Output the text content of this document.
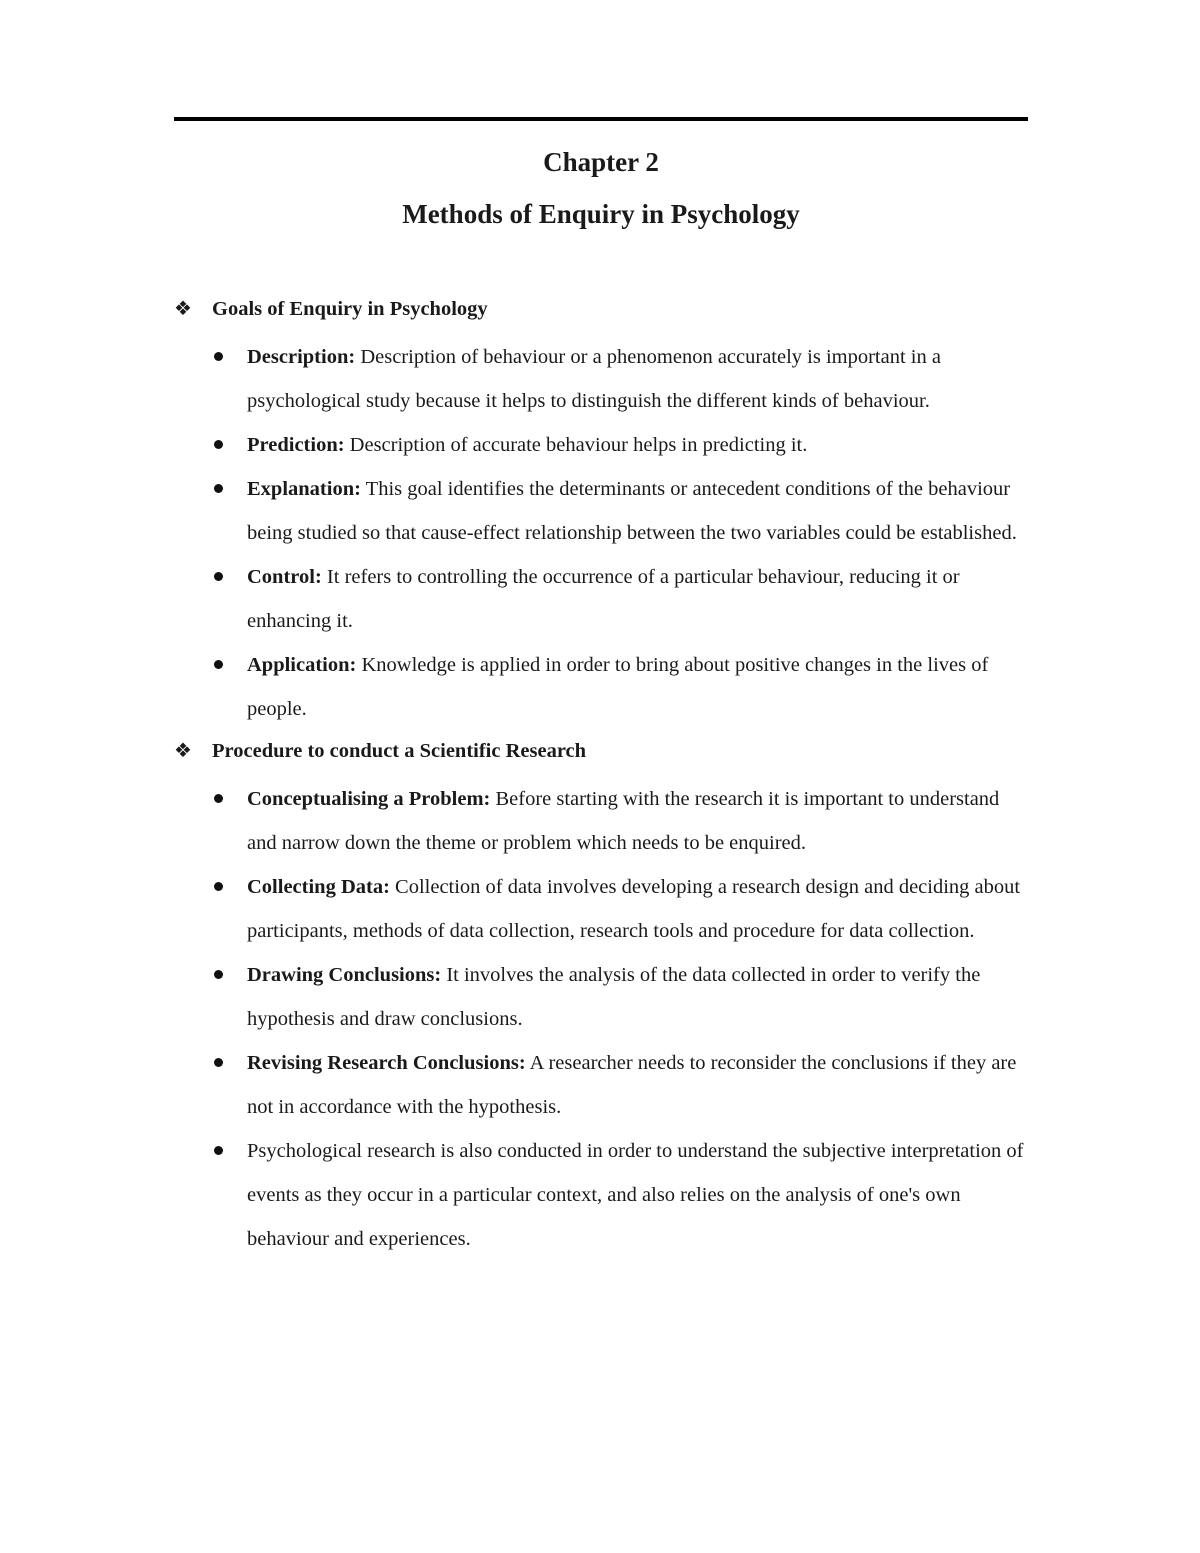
Chapter 2
Methods of Enquiry in Psychology
❖ Goals of Enquiry in Psychology
Description: Description of behaviour or a phenomenon accurately is important in a psychological study because it helps to distinguish the different kinds of behaviour.
Prediction: Description of accurate behaviour helps in predicting it.
Explanation: This goal identifies the determinants or antecedent conditions of the behaviour being studied so that cause-effect relationship between the two variables could be established.
Control: It refers to controlling the occurrence of a particular behaviour, reducing it or enhancing it.
Application: Knowledge is applied in order to bring about positive changes in the lives of people.
❖ Procedure to conduct a Scientific Research
Conceptualising a Problem: Before starting with the research it is important to understand and narrow down the theme or problem which needs to be enquired.
Collecting Data: Collection of data involves developing a research design and deciding about participants, methods of data collection, research tools and procedure for data collection.
Drawing Conclusions: It involves the analysis of the data collected in order to verify the hypothesis and draw conclusions.
Revising Research Conclusions: A researcher needs to reconsider the conclusions if they are not in accordance with the hypothesis.
Psychological research is also conducted in order to understand the subjective interpretation of events as they occur in a particular context, and also relies on the analysis of one's own behaviour and experiences.
